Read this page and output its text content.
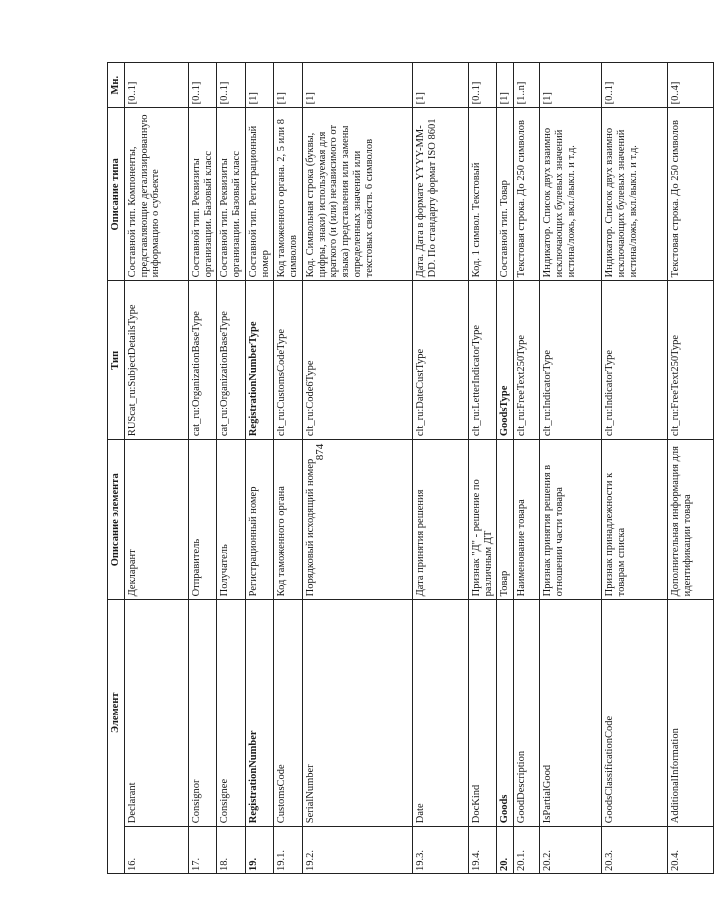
874
Элемент		Описание элемента	Тип	Описание типа	Мн.
16.	Declarant	Декларант	RUScat_ru:SubjectDetailsType	Составной тип. Компоненты, представляющие детализированную информацию о субъекте	[0..1]
17.	Consignor	Отправитель	cat_ru:OrganizationBaseType	Составной тип. Реквизиты организации. Базовый класс	[0..1]
18.	Consignee	Получатель	cat_ru:OrganizationBaseType	Составной тип. Реквизиты организации. Базовый класс	[0..1]
19.	RegistrationNumber	Регистрационный номер	RegistrationNumberType	Составной тип. Регистрационный номер	[1]
19.1.	CustomsCode	Код таможенного органа	clt_ru:CustomsCodeType	Код таможенного органа. 2, 5 или 8 символов	[1]
19.2.	SerialNumber	Порядковый исходящий номер	clt_ru:Code6Type	Код. Символьная строка (буквы, цифры, знаки) используемая для краткого (и (или) независимого от языка) представления или замены определенных значений или текстовых свойств. 6 символов	[1]
19.3.	Date	Дата принятия решения	clt_ru:DateCustType	Дата. Дата в формате YYYY-MM-DD. По стандарту формат ISO 8601	[1]
19.4.	DocKind	Признак "Д" - решение по различным ДТ	clt_ru:LetterIndicatorType	Код. 1 символ. Текстовый	[0..1]
20.	Goods	Товар	GoodsType	Составной тип. Товар	[1]
20.1.	GoodDescription	Наименование товара	clt_ru:FreeText250Type	Текстовая строка. До 250 символов	[1..n]
20.2.	IsPartialGood	Признак принятия решения в отношении части товара	clt_ru:IndicatorType	Индикатор. Список двух взаимно исключающих булевых значений истина/ложь, вкл./выкл. и т.д.	[1]
20.3.	GoodsClassificationCode	Признак принадлежности к товарам списка	clt_ru:IndicatorType	Индикатор. Список двух взаимно исключающих булевых значений истина/ложь, вкл./выкл. и т.д.	[0..1]
20.4.	AdditionalInformation	Дополнительная информация для идентификации товара	clt_ru:FreeText250Type	Текстовая строка. До 250 символов	[0..4]
